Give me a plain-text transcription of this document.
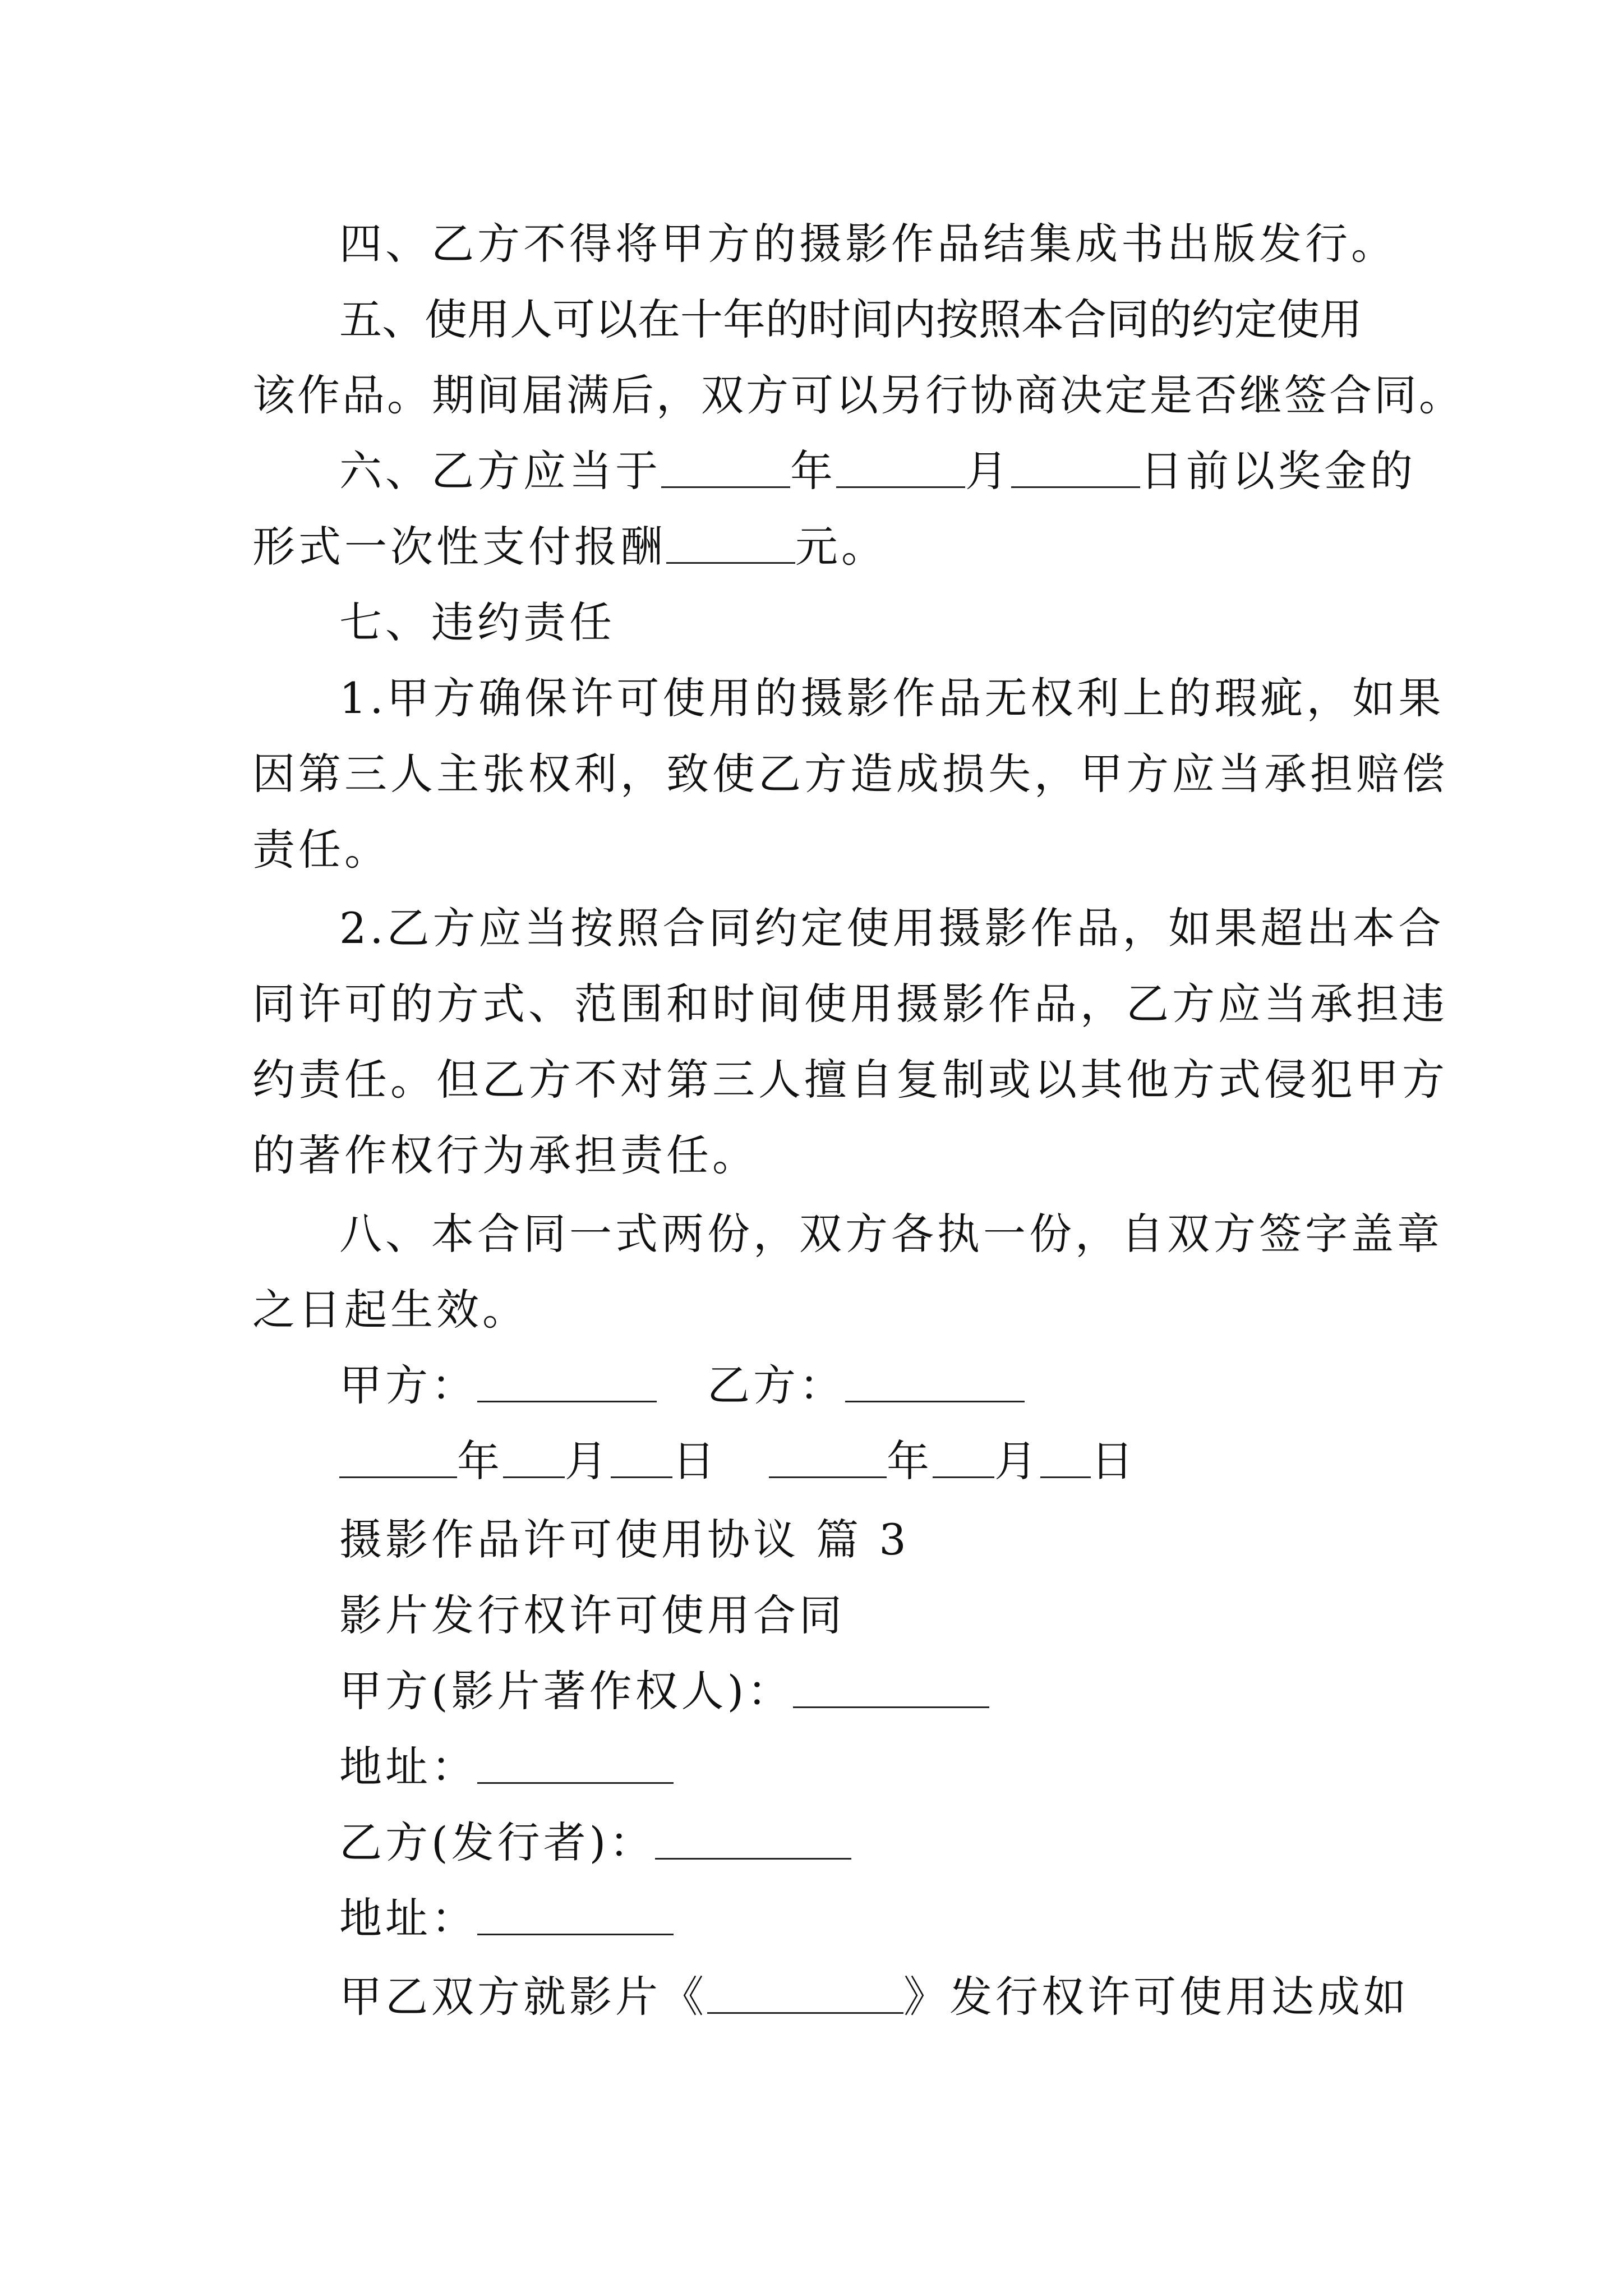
四、乙方不得将甲方的摄影作品结集成书出版发行。
五、使用人可以在十年的时间内按照本合同的约定使用
该作品。期间届满后，双方可以另行协商决定是否继签合同。
六、乙方应当于	年	月	日前以奖金的
形式一次性支付报酬	元。
七、违约责任
1.甲方确保许可使用的摄影作品无权利上的瑕疵，如果
因第三人主张权利，致使乙方造成损失，甲方应当承担赔偿
责任。
2.乙方应当按照合同约定使用摄影作品，如果超出本合
同许可的方式、范围和时间使用摄影作品，乙方应当承担违
约责任。但乙方不对第三人擅自复制或以其他方式侵犯甲方
的著作权行为承担责任。
八、本合同一式两份，双方各执一份，自双方签字盖章
之日起生效。
甲方：	乙方：
年 月 日	年 月 日
摄影作品许可使用协议 篇 3
影片发行权许可使用合同
甲方(影片著作权人)：
地址：
乙方(发行者)：
地址：
甲乙双方就影片《	》发行权许可使用达成如
